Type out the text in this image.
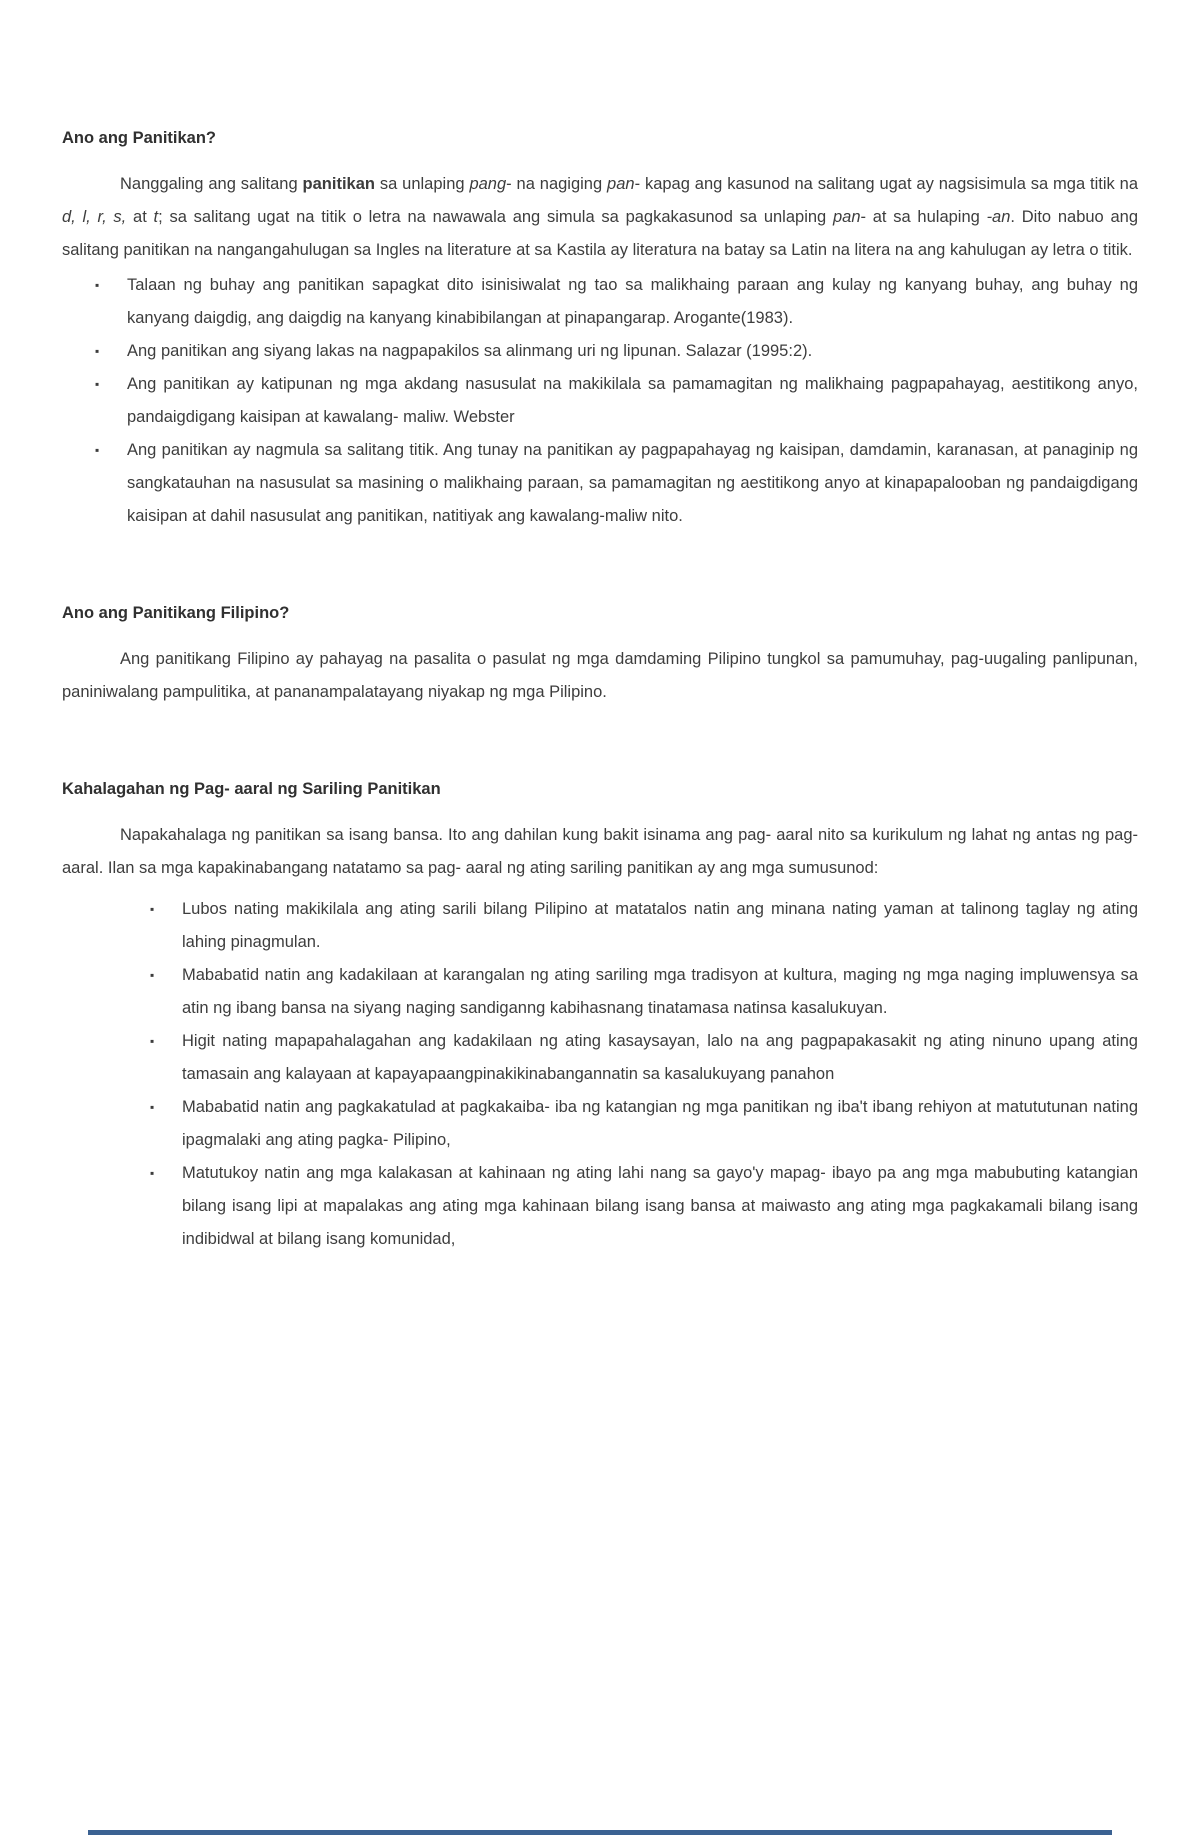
Ano ang Panitikan?

Nanggaling ang salitang panitikan sa unlaping pang- na nagiging pan- kapag ang kasunod na salitang ugat ay nagsisimula sa mga titik na d, l, r, s, at t; sa salitang ugat na titik o letra na nawawala ang simula sa pagkakasunod sa unlaping pan- at sa hulaping -an. Dito nabuo ang salitang panitikan na nangangahulugan sa Ingles na literature at sa Kastila ay literatura na batay sa Latin na litera na ang kahulugan ay letra o titik.

▪ Talaan ng buhay ang panitikan sapagkat dito isinisiwalat ng tao sa malikhaing paraan ang kulay ng kanyang buhay, ang buhay ng kanyang daigdig, ang daigdig na kanyang kinabibilangan at pinapangarap. Arogante(1983).
▪ Ang panitikan ang siyang lakas na nagpapakilos sa alinmang uri ng lipunan. Salazar (1995:2).
▪ Ang panitikan ay katipunan ng mga akdang nasusulat na makikilala sa pamamagitan ng malikhaing pagpapahayag, aestitikong anyo, pandaigdigang kaisipan at kawalang- maliw. Webster
▪ Ang panitikan ay nagmula sa salitang titik. Ang tunay na panitikan ay pagpapahayag ng kaisipan, damdamin, karanasan, at panaginip ng sangkatauhan na nasusulat sa masining o malikhaing paraan, sa pamamagitan ng aestitikong anyo at kinapapalooban ng pandaigdigang kaisipan at dahil nasusulat ang panitikan, natitiyak ang kawalang-maliw nito.

Ano ang Panitikang Filipino?

Ang panitikang Filipino ay pahayag na pasalita o pasulat ng mga damdaming Pilipino tungkol sa pamumuhay, pag-uugaling panlipunan, paniniwalang pampulitika, at pananampalatayang niyakap ng mga Pilipino.

Kahalagahan ng Pag- aaral ng Sariling Panitikan

Napakahalaga ng panitikan sa isang bansa. Ito ang dahilan kung bakit isinama ang pag- aaral nito sa kurikulum ng lahat ng antas ng pag- aaral. Ilan sa mga kapakinabangang natatamo sa pag- aaral ng ating sariling panitikan ay ang mga sumusunod:

▪ Lubos nating makikilala ang ating sarili bilang Pilipino at matatalos natin ang minana nating yaman at talinong taglay ng ating lahing pinagmulan.
▪ Mababatid natin ang kadakilaan at karangalan ng ating sariling mga tradisyon at kultura, maging ng mga naging impluwensya sa atin ng ibang bansa na siyang naging sandiganng kabihasnang tinatamasa natinsa kasalukuyan.
▪ Higit nating mapapahalagahan ang kadakilaan ng ating kasaysayan, lalo na ang pagpapakasakit ng ating ninuno upang ating tamasain ang kalayaan at kapayapaangpinakikinabangannatin sa kasalukuyang panahon
▪ Mababatid natin ang pagkakatulad at pagkakaiba- iba ng katangian ng mga panitikan ng iba't ibang rehiyon at matututunan nating ipagmalaki ang ating pagka- Pilipino,
▪ Matutukoy natin ang mga kalakasan at kahinaan ng ating lahi nang sa gayo'y mapag- ibayo pa ang mga mabubuting katangian bilang isang lipi at mapalakas ang ating mga kahinaan bilang isang bansa at maiwasto ang ating mga pagkakamali bilang isang indibidwal at bilang isang komunidad,
